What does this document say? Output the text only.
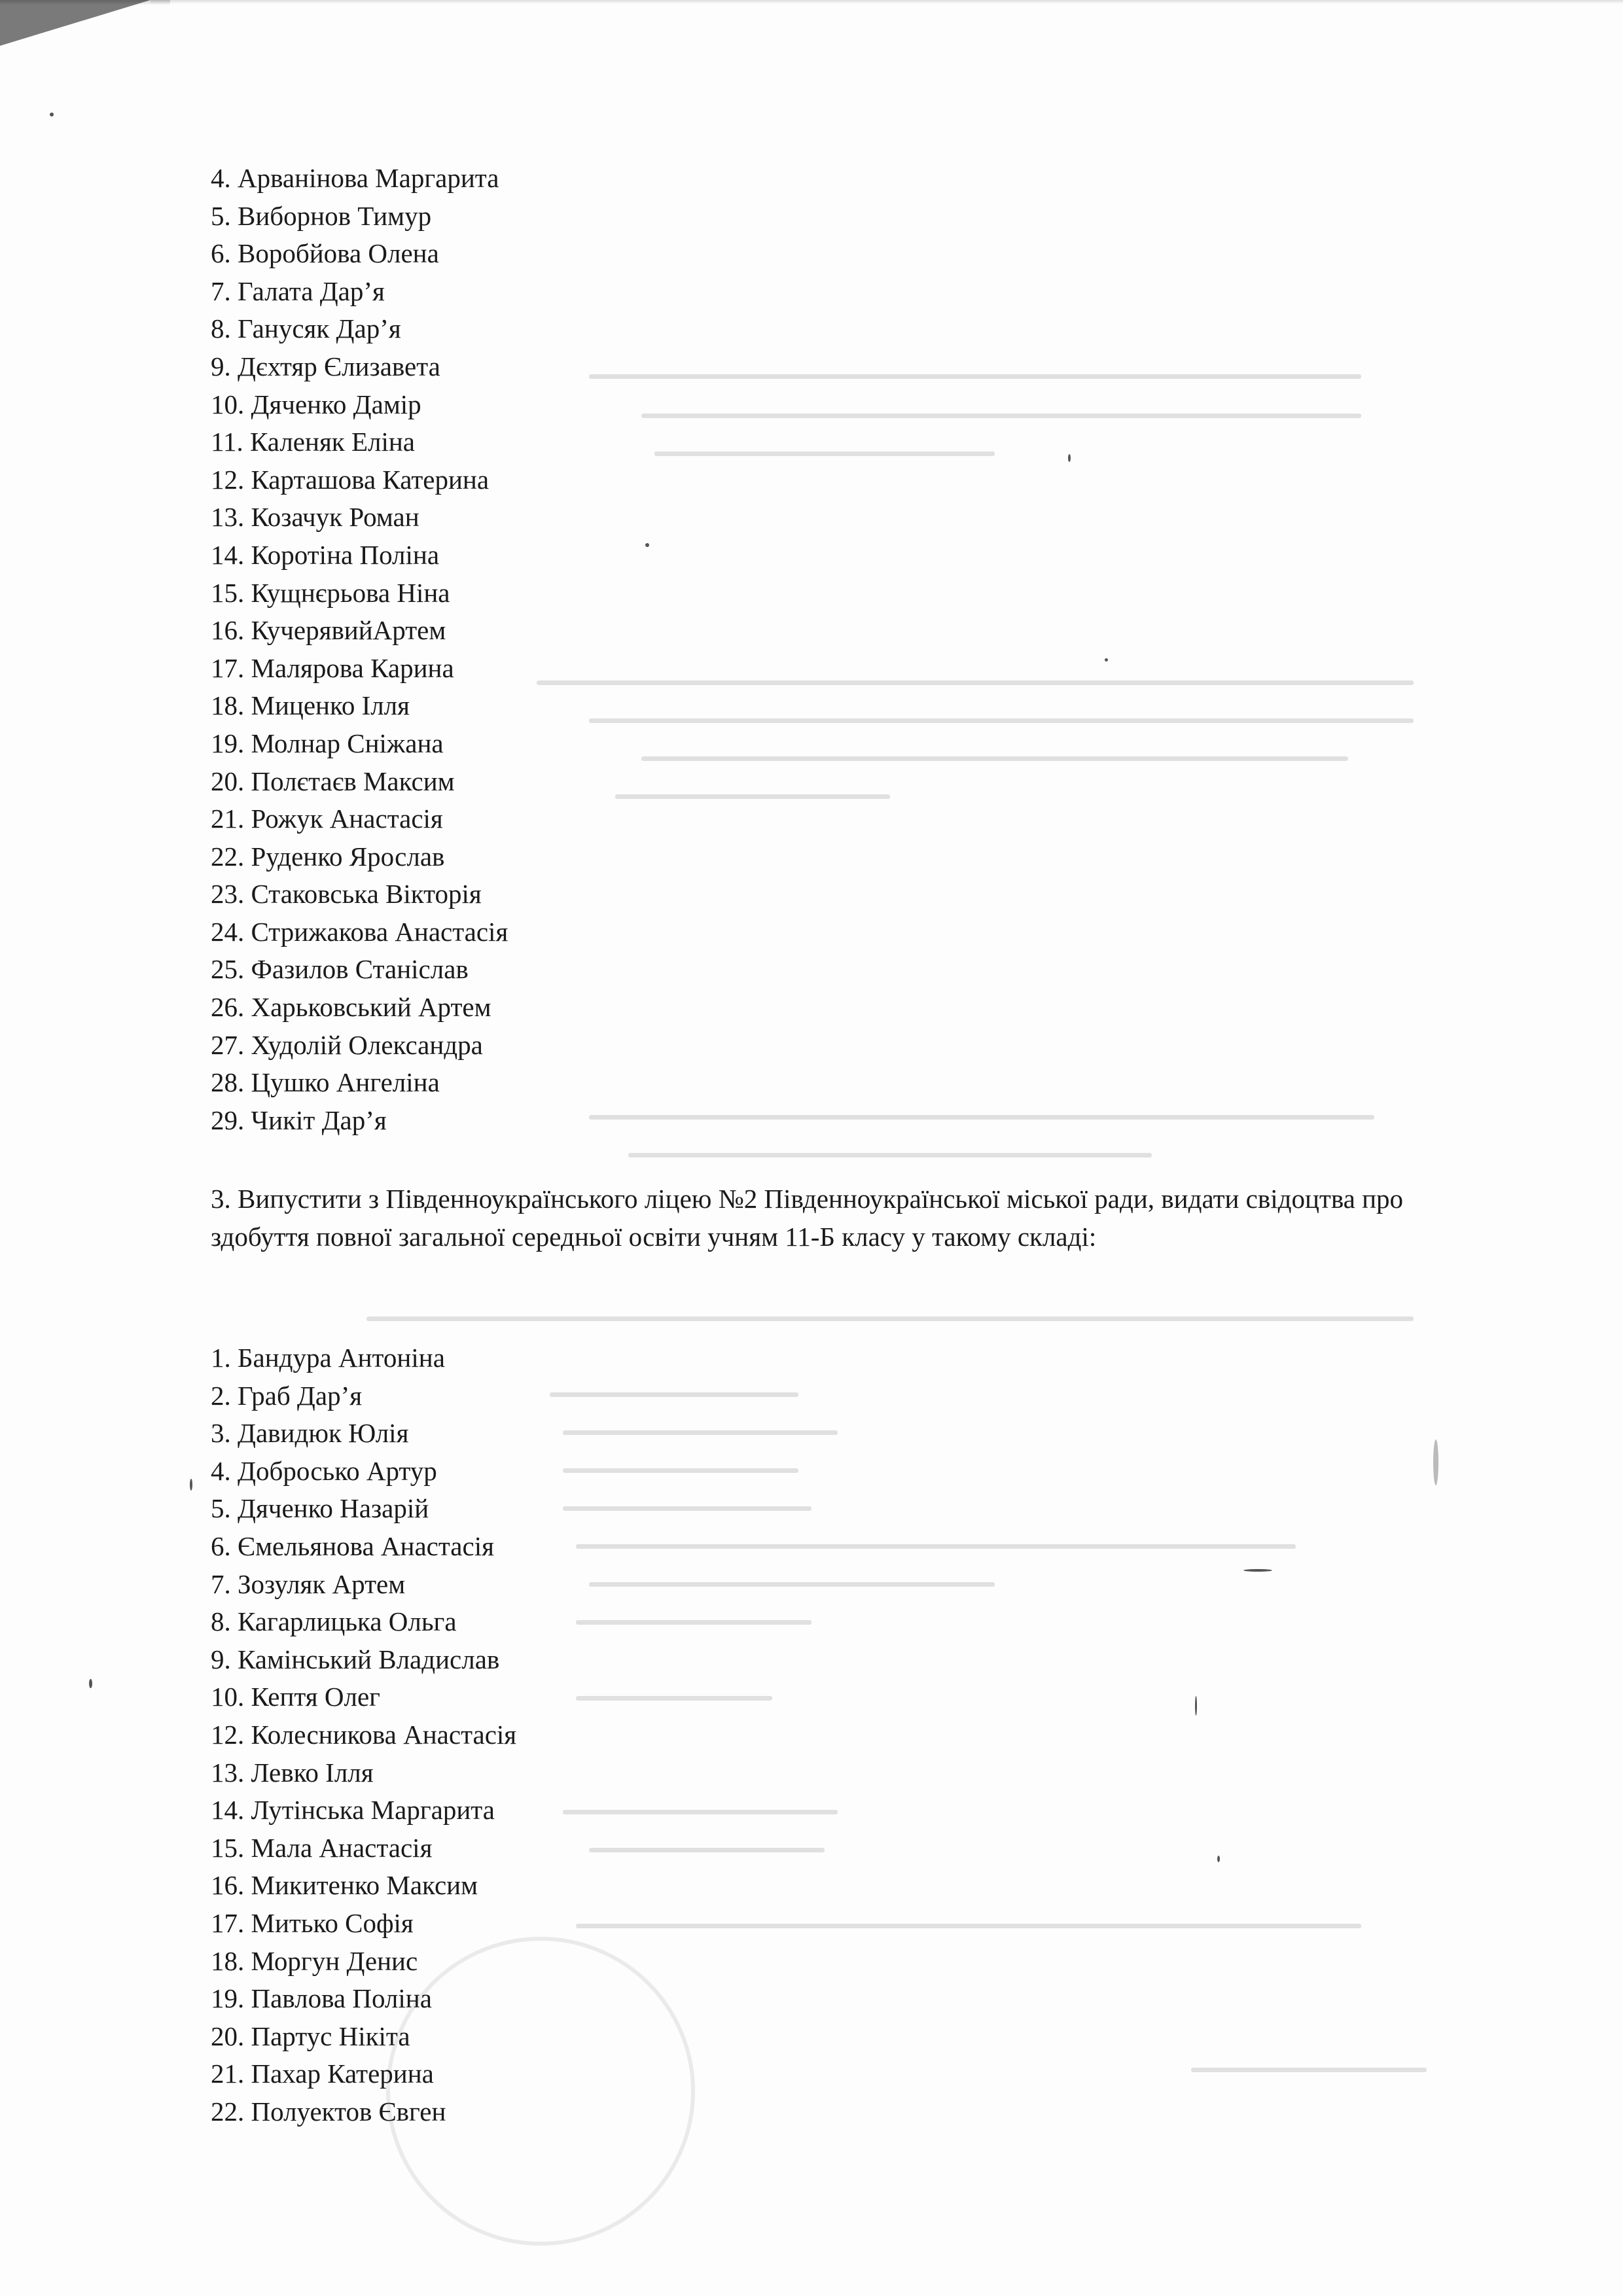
4. Арванінова Маргарита
5. Виборнов Тимур
6. Воробйова Олена
7. Галата Дар’я
8. Ганусяк Дар’я
9. Дєхтяр Єлизавета
10. Дяченко Дамір
11. Каленяк Еліна
12. Карташова Катерина
13. Козачук Роман
14. Коротіна Поліна
15. Кущнєрьова Ніна
16. КучерявийАртем
17. Малярова Карина
18. Миценко Ілля
19. Молнар Сніжана
20. Полєтаєв Максим
21. Рожук Анастасія
22. Руденко Ярослав
23. Стаковська Вікторія
24. Стрижакова Анастасія
25. Фазилов Станіслав
26. Харьковський Артем
27. Худолій Олександра
28. Цушко Ангеліна
29. Чикіт Дар’я

3. Випустити з Південноукраїнського ліцею №2 Південноукраїнської міської ради, видати свідоцтва про здобуття повної загальної середньої освіти учням 11-Б класу у такому складі:

1. Бандура Антоніна
2. Граб Дар’я
3. Давидюк Юлія
4. Добросько Артур
5. Дяченко Назарій
6. Ємельянова Анастасія
7. Зозуляк Артем
8. Кагарлицька Ольга
9. Камінський Владислав
10. Кептя Олег
12. Колесникова Анастасія
13. Левко Ілля
14. Лутінська Маргарита
15. Мала Анастасія
16. Микитенко Максим
17. Митько Софія
18. Моргун Денис
19. Павлова Поліна
20. Партус Нікіта
21. Пахар Катерина
22. Полуектов Євген
